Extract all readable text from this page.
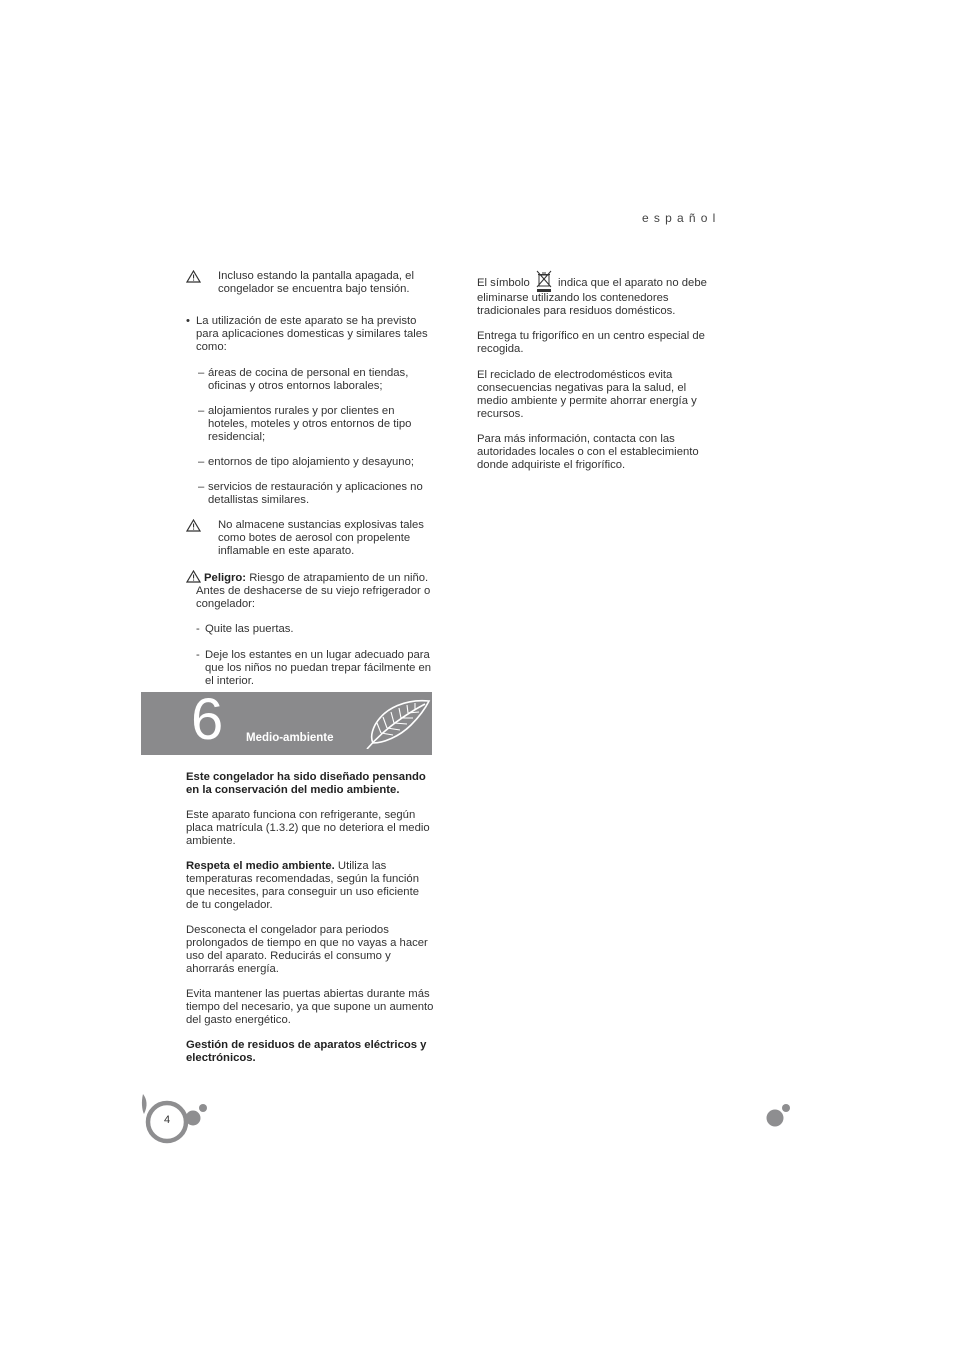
español

Incluso estando la pantalla apagada, el congelador se encuentra bajo tensión.

• La utilización de este aparato se ha previsto para aplicaciones domesticas y similares tales como:

– áreas de cocina de personal en tiendas, oficinas y otros entornos laborales;

– alojamientos rurales y por clientes en hoteles, moteles y otros entornos de tipo residencial;

– entornos de tipo alojamiento y desayuno;

– servicios de restauración y aplicaciones no detallistas similares.

No almacene sustancias explosivas tales como botes de aerosol con propelente inflamable en este aparato.

Peligro: Riesgo de atrapamiento de un niño. Antes de deshacerse de su viejo refrigerador o congelador:

- Quite las puertas.

- Deje los estantes en un lugar adecuado para que los niños no puedan trepar fácilmente en el interior.

6 Medio-ambiente

Este congelador ha sido diseñado pensando en la conservación del medio ambiente.

Este aparato funciona con refrigerante, según placa matrícula (1.3.2) que no deteriora el medio ambiente.

Respeta el medio ambiente. Utiliza las temperaturas recomendadas, según la función que necesites, para conseguir un uso eficiente de tu congelador.

Desconecta el congelador para periodos prolongados de tiempo en que no vayas a hacer uso del aparato. Reducirás el consumo y ahorrarás energía.

Evita mantener las puertas abiertas durante más tiempo del necesario, ya que supone un aumento del gasto energético.

Gestión de residuos de aparatos eléctricos y electrónicos.

El símbolo  indica que el aparato no debe eliminarse utilizando los contenedores tradicionales para residuos domésticos.

Entrega tu frigorífico en un centro especial de recogida.

El reciclado de electrodomésticos evita consecuencias negativas para la salud, el medio ambiente y permite ahorrar energía y recursos.

Para más información, contacta con las autoridades locales o con el establecimiento donde adquiriste el frigorífico.

4
